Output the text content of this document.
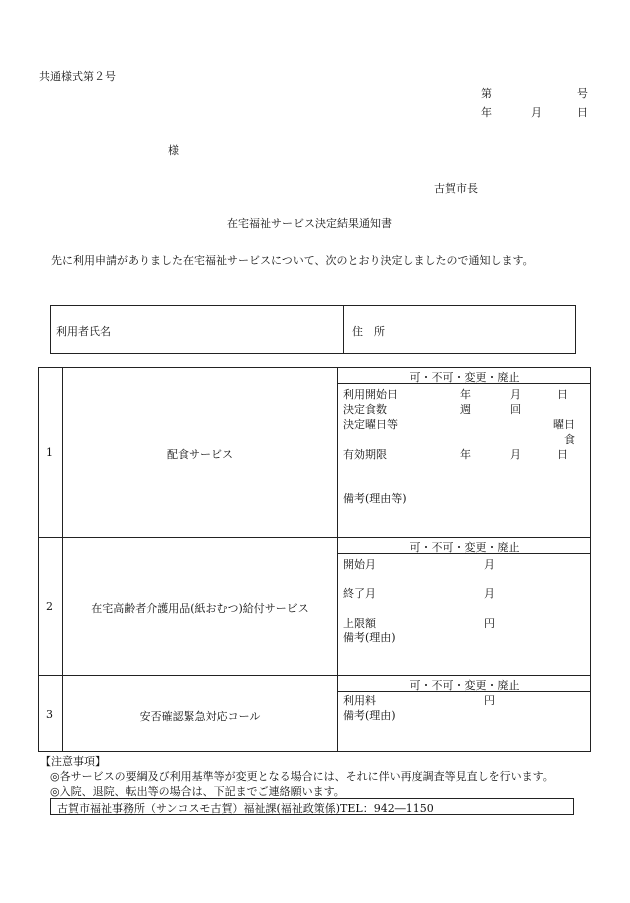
共通様式第２号
第	号
年	月	日
様
古賀市長
在宅福祉サービス決定結果通知書
先に利用申請がありました在宅福祉サービスについて、次のとおり決定しましたので通知します。
利用者氏名	住　所
1	配食サービス
可・不可・変更・廃止
利用開始日	年	月	日
決定食数	週	回
決定曜日等	曜日
食
有効期限	年	月	日
備考(理由等)
2	在宅高齢者介護用品(紙おむつ)給付サービス
可・不可・変更・廃止
開始月	月
終了月	月
上限額	円
備考(理由)
3	安否確認緊急対応コール
可・不可・変更・廃止
利用料	円
備考(理由)
【注意事項】
◎各サービスの要綱及び利用基準等が変更となる場合には、それに伴い再度調査等見直しを行います。
◎入院、退院、転出等の場合は、下記までご連絡願います。
古賀市福祉事務所（サンコスモ古賀）福祉課(福祉政策係)TEL：942―1150
